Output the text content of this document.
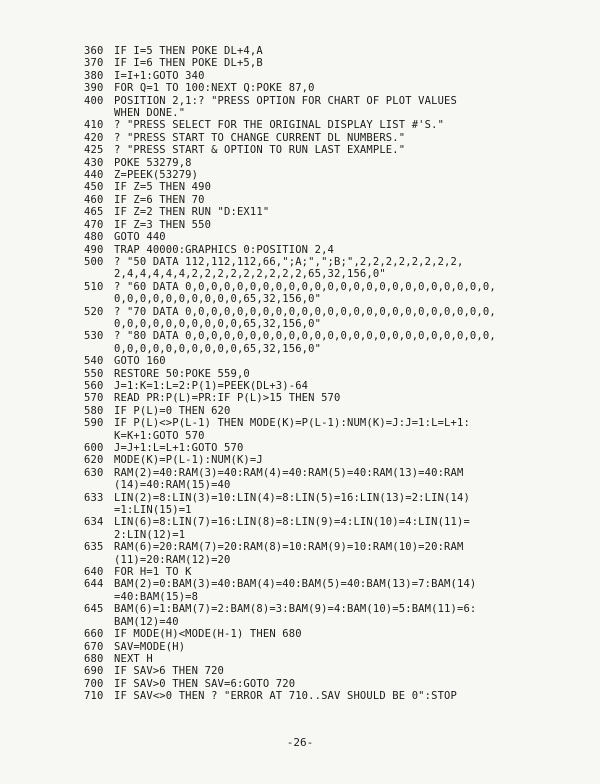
360	IF I=5 THEN POKE DL+4,A
370	IF I=6 THEN POKE DL+5,B
380	I=I+1:GOTO 340
390	FOR Q=1 TO 100:NEXT Q:POKE 87,0
400	POSITION 2,1:? "PRESS OPTION FOR CHART OF PLOT VALUES
WHEN DONE."
410	? "PRESS SELECT FOR THE ORIGINAL DISPLAY LIST #'S."
420	? "PRESS START TO CHANGE CURRENT DL NUMBERS."
425	? "PRESS START & OPTION TO RUN LAST EXAMPLE."
430	POKE 53279,8
440	Z=PEEK(53279)
450	IF Z=5 THEN 490
460	IF Z=6 THEN 70
465	IF Z=2 THEN RUN "D:EX11"
470	IF Z=3 THEN 550
480	GOTO 440
490	TRAP 40000:GRAPHICS 0:POSITION 2,4
500	? "50 DATA 112,112,112,66,";A;",";B;",2,2,2,2,2,2,2,2,
2,4,4,4,4,4,2,2,2,2,2,2,2,2,2,65,32,156,0"
510	? "60 DATA 0,0,0,0,0,0,0,0,0,0,0,0,0,0,0,0,0,0,0,0,0,0,0,0,
0,0,0,0,0,0,0,0,0,0,65,32,156,0"
520	? "70 DATA 0,0,0,0,0,0,0,0,0,0,0,0,0,0,0,0,0,0,0,0,0,0,0,0,
0,0,0,0,0,0,0,0,0,0,65,32,156,0"
530	? "80 DATA 0,0,0,0,0,0,0,0,0,0,0,0,0,0,0,0,0,0,0,0,0,0,0,0,
0,0,0,0,0,0,0,0,0,0,65,32,156,0"
540	GOTO 160
550	RESTORE 50:POKE 559,0
560	J=1:K=1:L=2:P(1)=PEEK(DL+3)-64
570	READ PR:P(L)=PR:IF P(L)>15 THEN 570
580	IF P(L)=0 THEN 620
590	IF P(L)<>P(L-1) THEN MODE(K)=P(L-1):NUM(K)=J:J=1:L=L+1:
K=K+1:GOTO 570
600	J=J+1:L=L+1:GOTO 570
620	MODE(K)=P(L-1):NUM(K)=J
630	RAM(2)=40:RAM(3)=40:RAM(4)=40:RAM(5)=40:RAM(13)=40:RAM
(14)=40:RAM(15)=40
633	LIN(2)=8:LIN(3)=10:LIN(4)=8:LIN(5)=16:LIN(13)=2:LIN(14)
=1:LIN(15)=1
634	LIN(6)=8:LIN(7)=16:LIN(8)=8:LIN(9)=4:LIN(10)=4:LIN(11)=
2:LIN(12)=1
635	RAM(6)=20:RAM(7)=20:RAM(8)=10:RAM(9)=10:RAM(10)=20:RAM
(11)=20:RAM(12)=20
640	FOR H=1 TO K
644	BAM(2)=0:BAM(3)=40:BAM(4)=40:BAM(5)=40:BAM(13)=7:BAM(14)
=40:BAM(15)=8
645	BAM(6)=1:BAM(7)=2:BAM(8)=3:BAM(9)=4:BAM(10)=5:BAM(11)=6:
BAM(12)=40
660	IF MODE(H)<MODE(H-1) THEN 680
670	SAV=MODE(H)
680	NEXT H
690	IF SAV>6 THEN 720
700	IF SAV>0 THEN SAV=6:GOTO 720
710	IF SAV<>0 THEN ? "ERROR AT 710..SAV SHOULD BE 0":STOP
-26-
